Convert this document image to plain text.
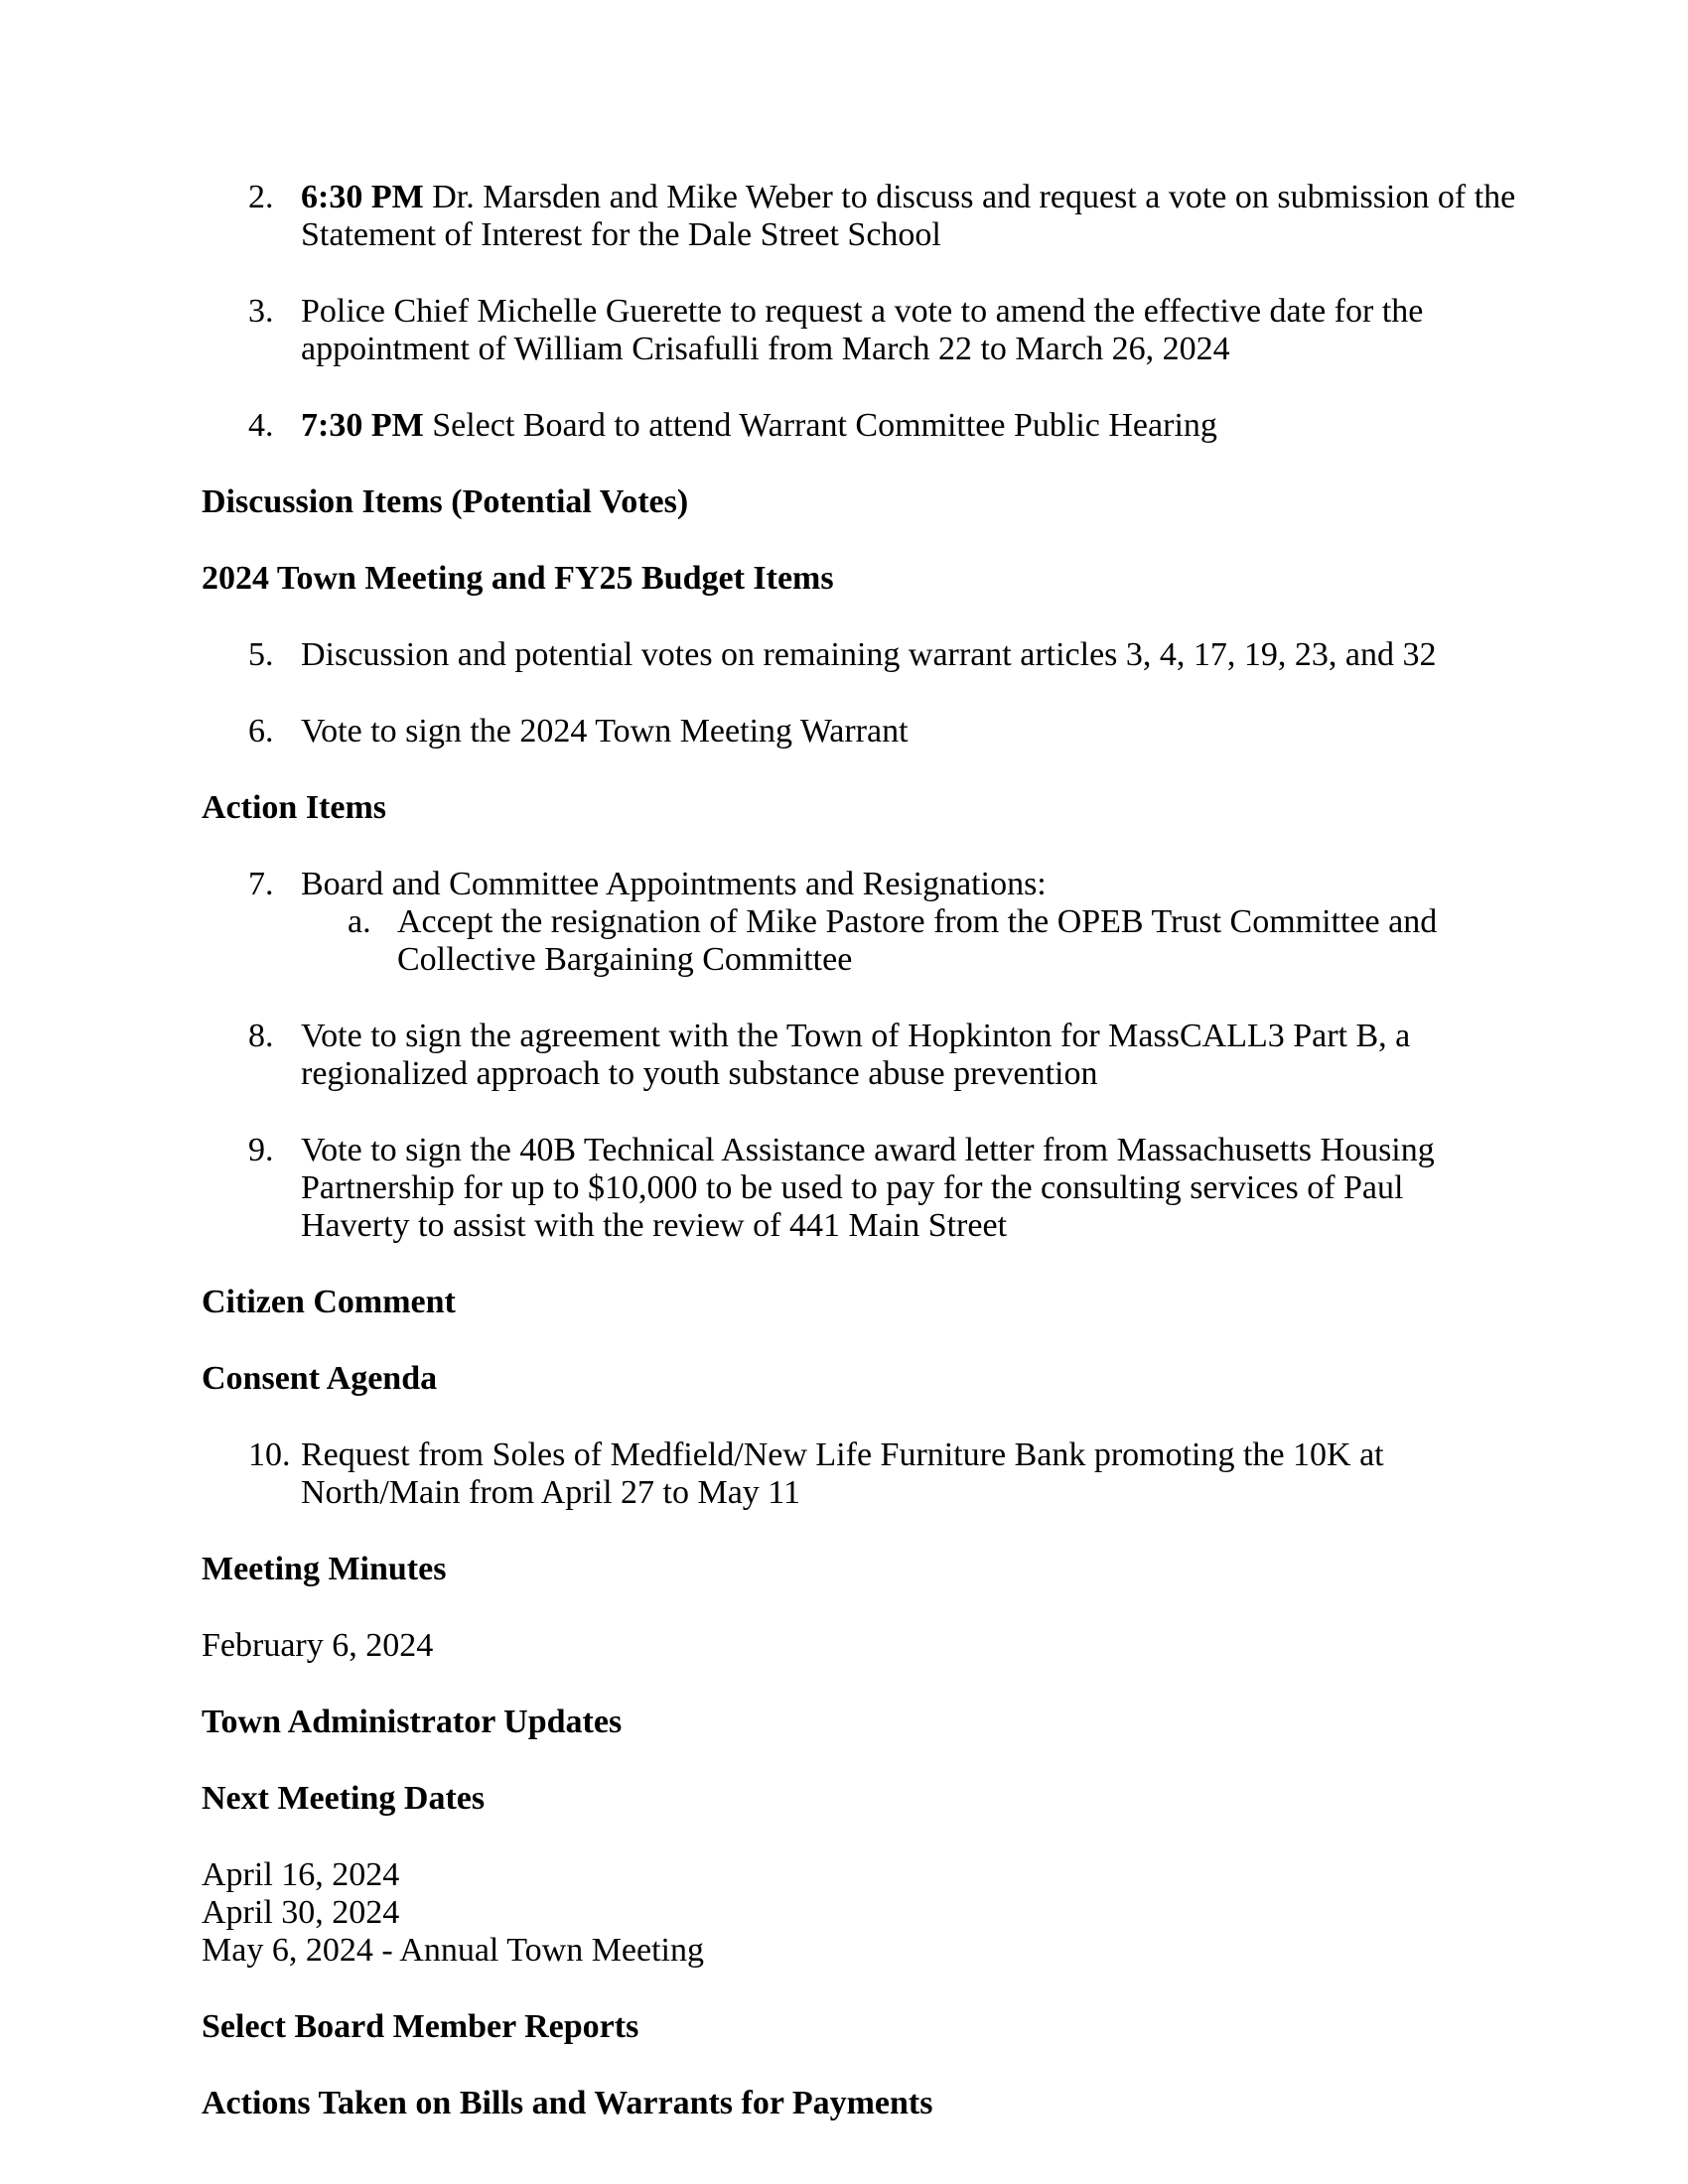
2. 6:30 PM Dr. Marsden and Mike Weber to discuss and request a vote on submission of the
Statement of Interest for the Dale Street School
3. Police Chief Michelle Guerette to request a vote to amend the effective date for the
appointment of William Crisafulli from March 22 to March 26, 2024
4. 7:30 PM Select Board to attend Warrant Committee Public Hearing
Discussion Items (Potential Votes)
2024 Town Meeting and FY25 Budget Items
5. Discussion and potential votes on remaining warrant articles 3, 4, 17, 19, 23, and 32
6. Vote to sign the 2024 Town Meeting Warrant
Action Items
7. Board and Committee Appointments and Resignations:
a. Accept the resignation of Mike Pastore from the OPEB Trust Committee and
Collective Bargaining Committee
8. Vote to sign the agreement with the Town of Hopkinton for MassCALL3 Part B, a
regionalized approach to youth substance abuse prevention
9. Vote to sign the 40B Technical Assistance award letter from Massachusetts Housing
Partnership for up to $10,000 to be used to pay for the consulting services of Paul
Haverty to assist with the review of 441 Main Street
Citizen Comment
Consent Agenda
10. Request from Soles of Medfield/New Life Furniture Bank promoting the 10K at
North/Main from April 27 to May 11
Meeting Minutes
February 6, 2024
Town Administrator Updates
Next Meeting Dates
April 16, 2024
April 30, 2024
May 6, 2024 - Annual Town Meeting
Select Board Member Reports
Actions Taken on Bills and Warrants for Payments
